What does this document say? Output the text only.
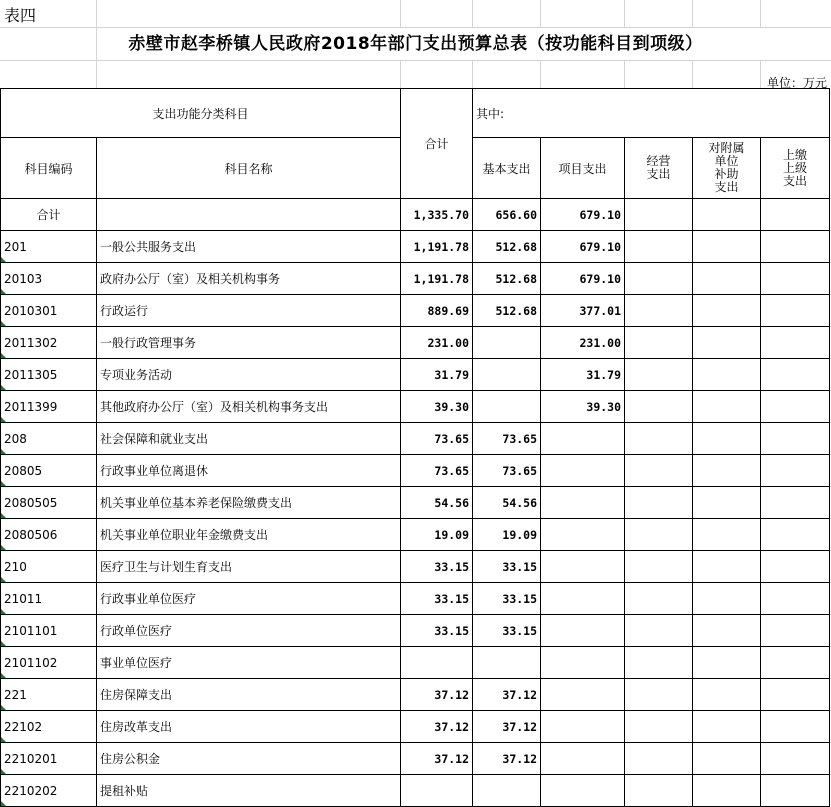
表四
赤壁市赵李桥镇人民政府2018年部门支出预算总表（按功能科目到项级）
单位：万元
支出功能分类科目		合计	其中:				
科目编码	科目名称		基本支出	项目支出	经营
支出	对附属
单位
补助
支出	上缴
上级
支出
合计		1,335.70	656.60	679.10			
201	一般公共服务支出	1,191.78	512.68	679.10			
20103	政府办公厅（室）及相关机构事务	1,191.78	512.68	679.10			
2010301	行政运行	889.69	512.68	377.01			
2011302	一般行政管理事务	231.00		231.00			
2011305	专项业务活动	31.79		31.79			
2011399	其他政府办公厅（室）及相关机构事务支出	39.30		39.30			
208	社会保障和就业支出	73.65	73.65				
20805	行政事业单位离退休	73.65	73.65				
2080505	机关事业单位基本养老保险缴费支出	54.56	54.56				
2080506	机关事业单位职业年金缴费支出	19.09	19.09				
210	医疗卫生与计划生育支出	33.15	33.15				
21011	行政事业单位医疗	33.15	33.15				
2101101	行政单位医疗	33.15	33.15				
2101102	事业单位医疗						
221	住房保障支出	37.12	37.12				
22102	住房改革支出	37.12	37.12				
2210201	住房公积金	37.12	37.12				
2210202	提租补贴						
